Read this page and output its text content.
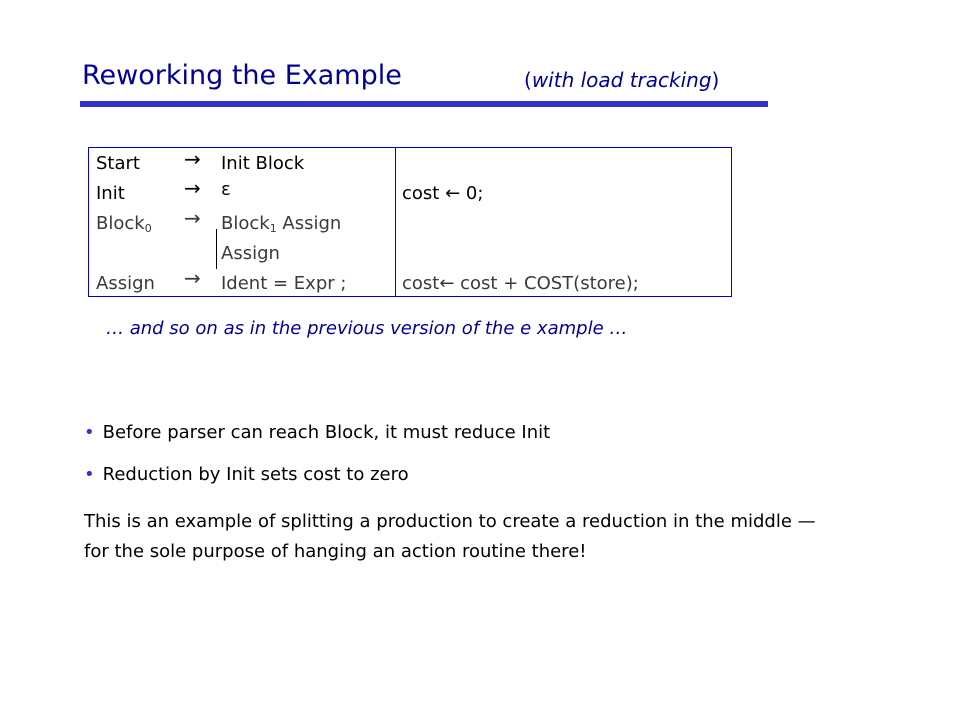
Reworking the Example	(with load tracking)
Start → Init Block
Init	→ ε	cost ← 0;
Block$_0$ → Block$_1$ Assign
Assign
Assign → Ident = Expr ;	cost← cost + COST(store);
… and so on as in the previous version of the e xample …
• Before parser can reach Block, it must reduce Init
• Reduction by Init sets cost to zero
This is an example of splitting a production to create a reduction in the middle — for the sole purpose of hanging an action routine there!
